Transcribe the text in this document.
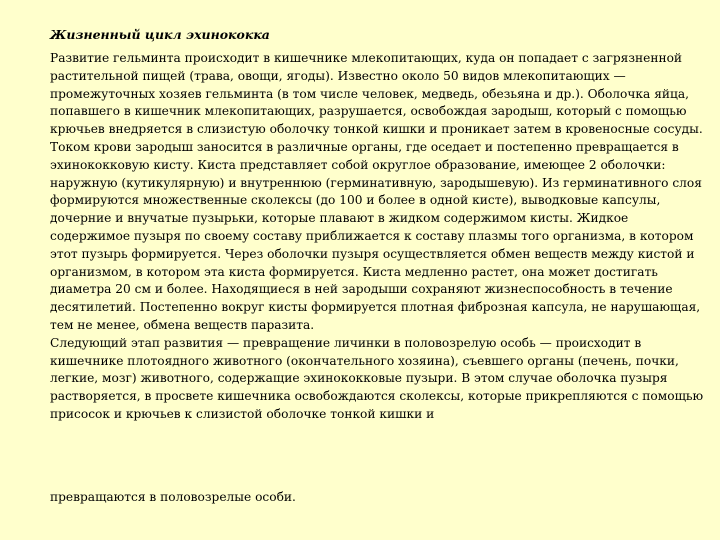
Жизненный цикл эхинококка

Развитие гельминта происходит в кишечнике млекопитающих, куда он попадает с загрязненной растительной пищей (трава, овощи, ягоды). Известно около 50 видов млекопитающих — промежуточных хозяев гельминта (в том числе человек, медведь, обезьяна и др.). Оболочка яйца, попавшего в кишечник млекопитающих, разрушается, освобождая зародыш, который с помощью крючьев внедряется в слизистую оболочку тонкой кишки и проникает затем в кровеносные сосуды. Током крови зародыш заносится в различные органы, где оседает и постепенно превращается в эхинококковую кисту. Киста представляет собой округлое образование, имеющее 2 оболочки: наружную (кутикулярную) и внутреннюю (герминативную, зародышевую). Из герминативного слоя формируются множественные сколексы (до 100 и более в одной кисте), выводковые капсулы, дочерние и внучатые пузырьки, которые плавают в жидком содержимом кисты. Жидкое содержимое пузыря по своему составу приближается к составу плазмы того организма, в котором этот пузырь формируется. Через оболочки пузыря осуществляется обмен веществ между кистой и организмом, в котором эта киста формируется. Киста медленно растет, она может достигать диаметра 20 см и более. Находящиеся в ней зародыши сохраняют жизнеспособность в течение десятилетий. Постепенно вокруг кисты формируется плотная фиброзная капсула, не нарушающая, тем не менее, обмена веществ паразита.

Следующий этап развития — превращение личинки в половозрелую особь — происходит в кишечнике плотоядного животного (окончательного хозяина), съевшего органы (печень, почки, легкие, мозг) животного, содержащие эхинококковые пузыри. В этом случае оболочка пузыря растворяется, в просвете кишечника освобождаются сколексы, которые прикрепляются с помощью присосок и крючьев к слизистой оболочке тонкой кишки и

превращаются в половозрелые особи.
